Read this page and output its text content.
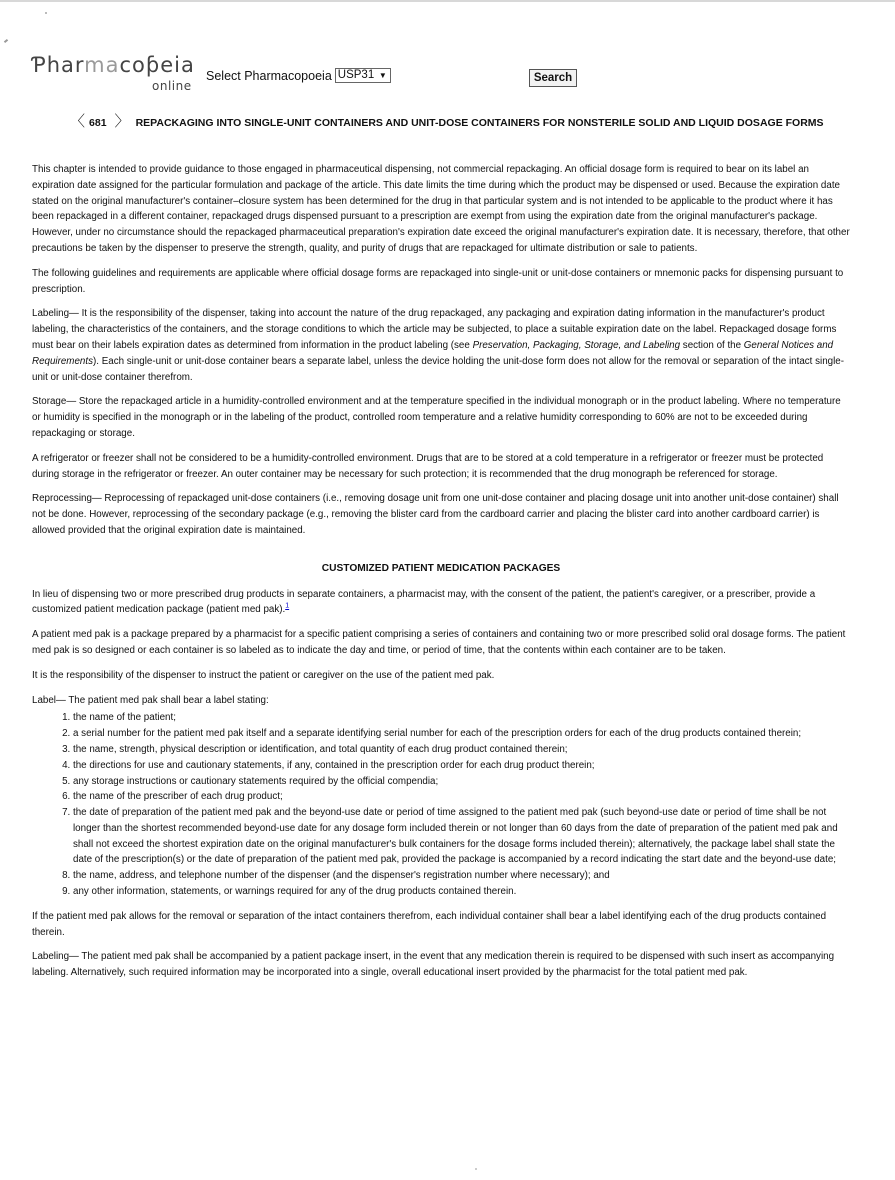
Ƥharmacoƥeia
online
Select Pharmacopoeia USP31 ▼	Search
〈 681 〉 REPACKAGING INTO SINGLE-UNIT CONTAINERS AND UNIT-DOSE CONTAINERS FOR NONSTERILE SOLID AND LIQUID DOSAGE FORMS

This chapter is intended to provide guidance to those engaged in pharmaceutical dispensing, not commercial repackaging. An official dosage form is required to bear on its label an expiration date assigned for the particular formulation and package of the article. This date limits the time during which the product may be dispensed or used. Because the expiration date stated on the original manufacturer's container–closure system has been determined for the drug in that particular system and is not intended to be applicable to the product where it has been repackaged in a different container, repackaged drugs dispensed pursuant to a prescription are exempt from using the expiration date from the original manufacturer's package. However, under no circumstance should the repackaged pharmaceutical preparation's expiration date exceed the original manufacturer's expiration date. It is necessary, therefore, that other precautions be taken by the dispenser to preserve the strength, quality, and purity of drugs that are repackaged for ultimate distribution or sale to patients.

The following guidelines and requirements are applicable where official dosage forms are repackaged into single-unit or unit-dose containers or mnemonic packs for dispensing pursuant to prescription.

Labeling— It is the responsibility of the dispenser, taking into account the nature of the drug repackaged, any packaging and expiration dating information in the manufacturer's product labeling, the characteristics of the containers, and the storage conditions to which the article may be subjected, to place a suitable expiration date on the label. Repackaged dosage forms must bear on their labels expiration dates as determined from information in the product labeling (see Preservation, Packaging, Storage, and Labeling section of the General Notices and Requirements). Each single-unit or unit-dose container bears a separate label, unless the device holding the unit-dose form does not allow for the removal or separation of the intact single-unit or unit-dose container therefrom.

Storage— Store the repackaged article in a humidity-controlled environment and at the temperature specified in the individual monograph or in the product labeling. Where no temperature or humidity is specified in the monograph or in the labeling of the product, controlled room temperature and a relative humidity corresponding to 60% are not to be exceeded during repackaging or storage.

A refrigerator or freezer shall not be considered to be a humidity-controlled environment. Drugs that are to be stored at a cold temperature in a refrigerator or freezer must be protected during storage in the refrigerator or freezer. An outer container may be necessary for such protection; it is recommended that the drug monograph be referenced for storage.

Reprocessing— Reprocessing of repackaged unit-dose containers (i.e., removing dosage unit from one unit-dose container and placing dosage unit into another unit-dose container) shall not be done. However, reprocessing of the secondary package (e.g., removing the blister card from the cardboard carrier and placing the blister card into another cardboard carrier) is allowed provided that the original expiration date is maintained.

CUSTOMIZED PATIENT MEDICATION PACKAGES

In lieu of dispensing two or more prescribed drug products in separate containers, a pharmacist may, with the consent of the patient, the patient's caregiver, or a prescriber, provide a customized patient medication package (patient med pak).$^1$

A patient med pak is a package prepared by a pharmacist for a specific patient comprising a series of containers and containing two or more prescribed solid oral dosage forms. The patient med pak is so designed or each container is so labeled as to indicate the day and time, or period of time, that the contents within each container are to be taken.

It is the responsibility of the dispenser to instruct the patient or caregiver on the use of the patient med pak.

Label— The patient med pak shall bear a label stating:

1. the name of the patient;
2. a serial number for the patient med pak itself and a separate identifying serial number for each of the prescription orders for each of the drug products contained therein;
3. the name, strength, physical description or identification, and total quantity of each drug product contained therein;
4. the directions for use and cautionary statements, if any, contained in the prescription order for each drug product therein;
5. any storage instructions or cautionary statements required by the official compendia;
6. the name of the prescriber of each drug product;
7. the date of preparation of the patient med pak and the beyond-use date or period of time assigned to the patient med pak (such beyond-use date or period of time shall be not longer than the shortest recommended beyond-use date for any dosage form included therein or not longer than 60 days from the date of preparation of the patient med pak and shall not exceed the shortest expiration date on the original manufacturer's bulk containers for the dosage forms included therein); alternatively, the package label shall state the date of the prescription(s) or the date of preparation of the patient med pak, provided the package is accompanied by a record indicating the start date and the beyond-use date;
8. the name, address, and telephone number of the dispenser (and the dispenser's registration number where necessary); and
9. any other information, statements, or warnings required for any of the drug products contained therein.

If the patient med pak allows for the removal or separation of the intact containers therefrom, each individual container shall bear a label identifying each of the drug products contained therein.

Labeling— The patient med pak shall be accompanied by a patient package insert, in the event that any medication therein is required to be dispensed with such insert as accompanying labeling. Alternatively, such required information may be incorporated into a single, overall educational insert provided by the pharmacist for the total patient med pak.
